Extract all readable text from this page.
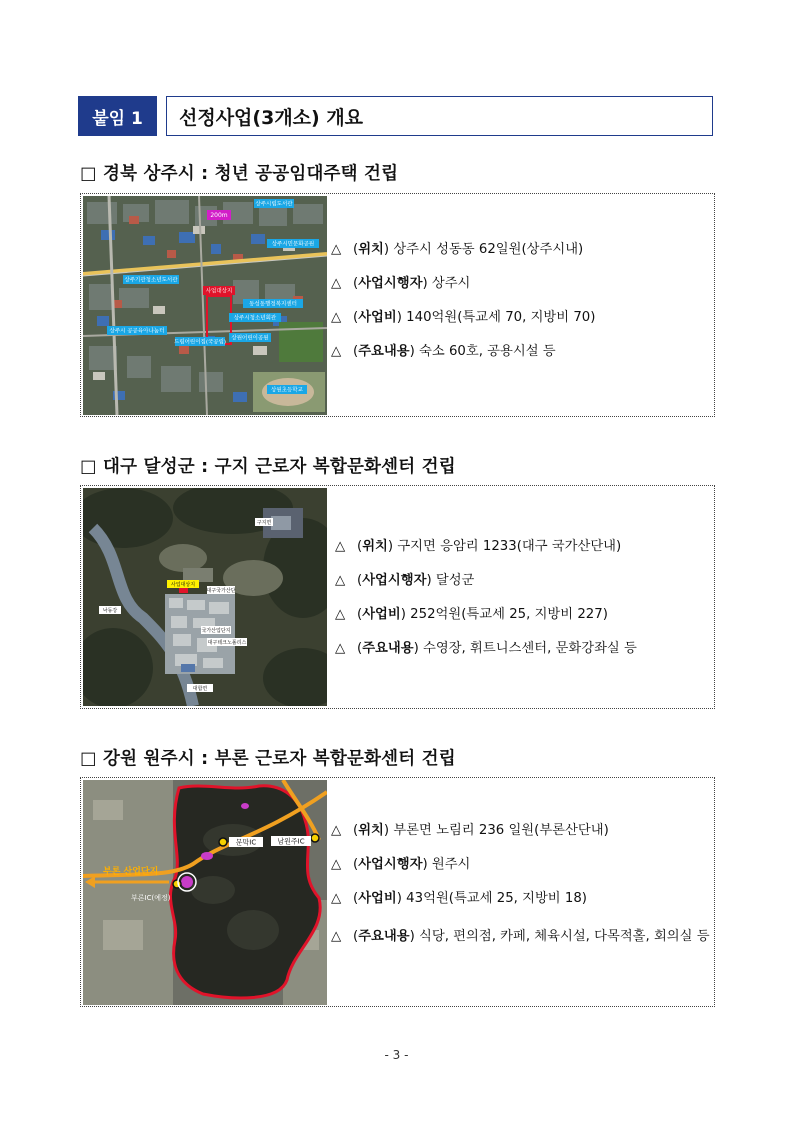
붙임 1	선정사업(3개소) 개요
□ 경북 상주시 : 청년 공공임대주택 건립
상주시립도서관
200m
상주시민문화공원
상주기관청소년도서관
사업대상지
동성동행정복지센터
상주시 공공육아나눔터
상주시청소년회관
드림어린이집(국공립)
상원어린이공원
상원초등학교
△ (위치) 상주시 성동동 62일원(상주시내)
△ (사업시행자) 상주시
△ (사업비) 140억원(특교세 70, 지방비 70)
△ (주요내용) 숙소 60호, 공용시설 등
□ 대구 달성군 : 구지 근로자 복합문화센터 건립
사업대상지
구지면
낙동강
대구국가산단
국가산업단지
대구테크노폴리스
대합면
△ (위치) 구지면 응암리 1233(대구 국가산단내)
△ (사업시행자) 달성군
△ (사업비) 252억원(특교세 25, 지방비 227)
△ (주요내용) 수영장, 휘트니스센터, 문화강좌실 등
□ 강원 원주시 : 부론 근로자 복합문화센터 건립
문막IC	남원주IC
부론 산업단지
부론IC(예정)
△ (위치) 부론면 노림리 236 일원(부론산단내)
△ (사업시행자) 원주시
△ (사업비) 43억원(특교세 25, 지방비 18)
△ (주요내용) 식당, 편의점, 카페, 체육시설, 다목적홀, 회의실 등
- 3 -
